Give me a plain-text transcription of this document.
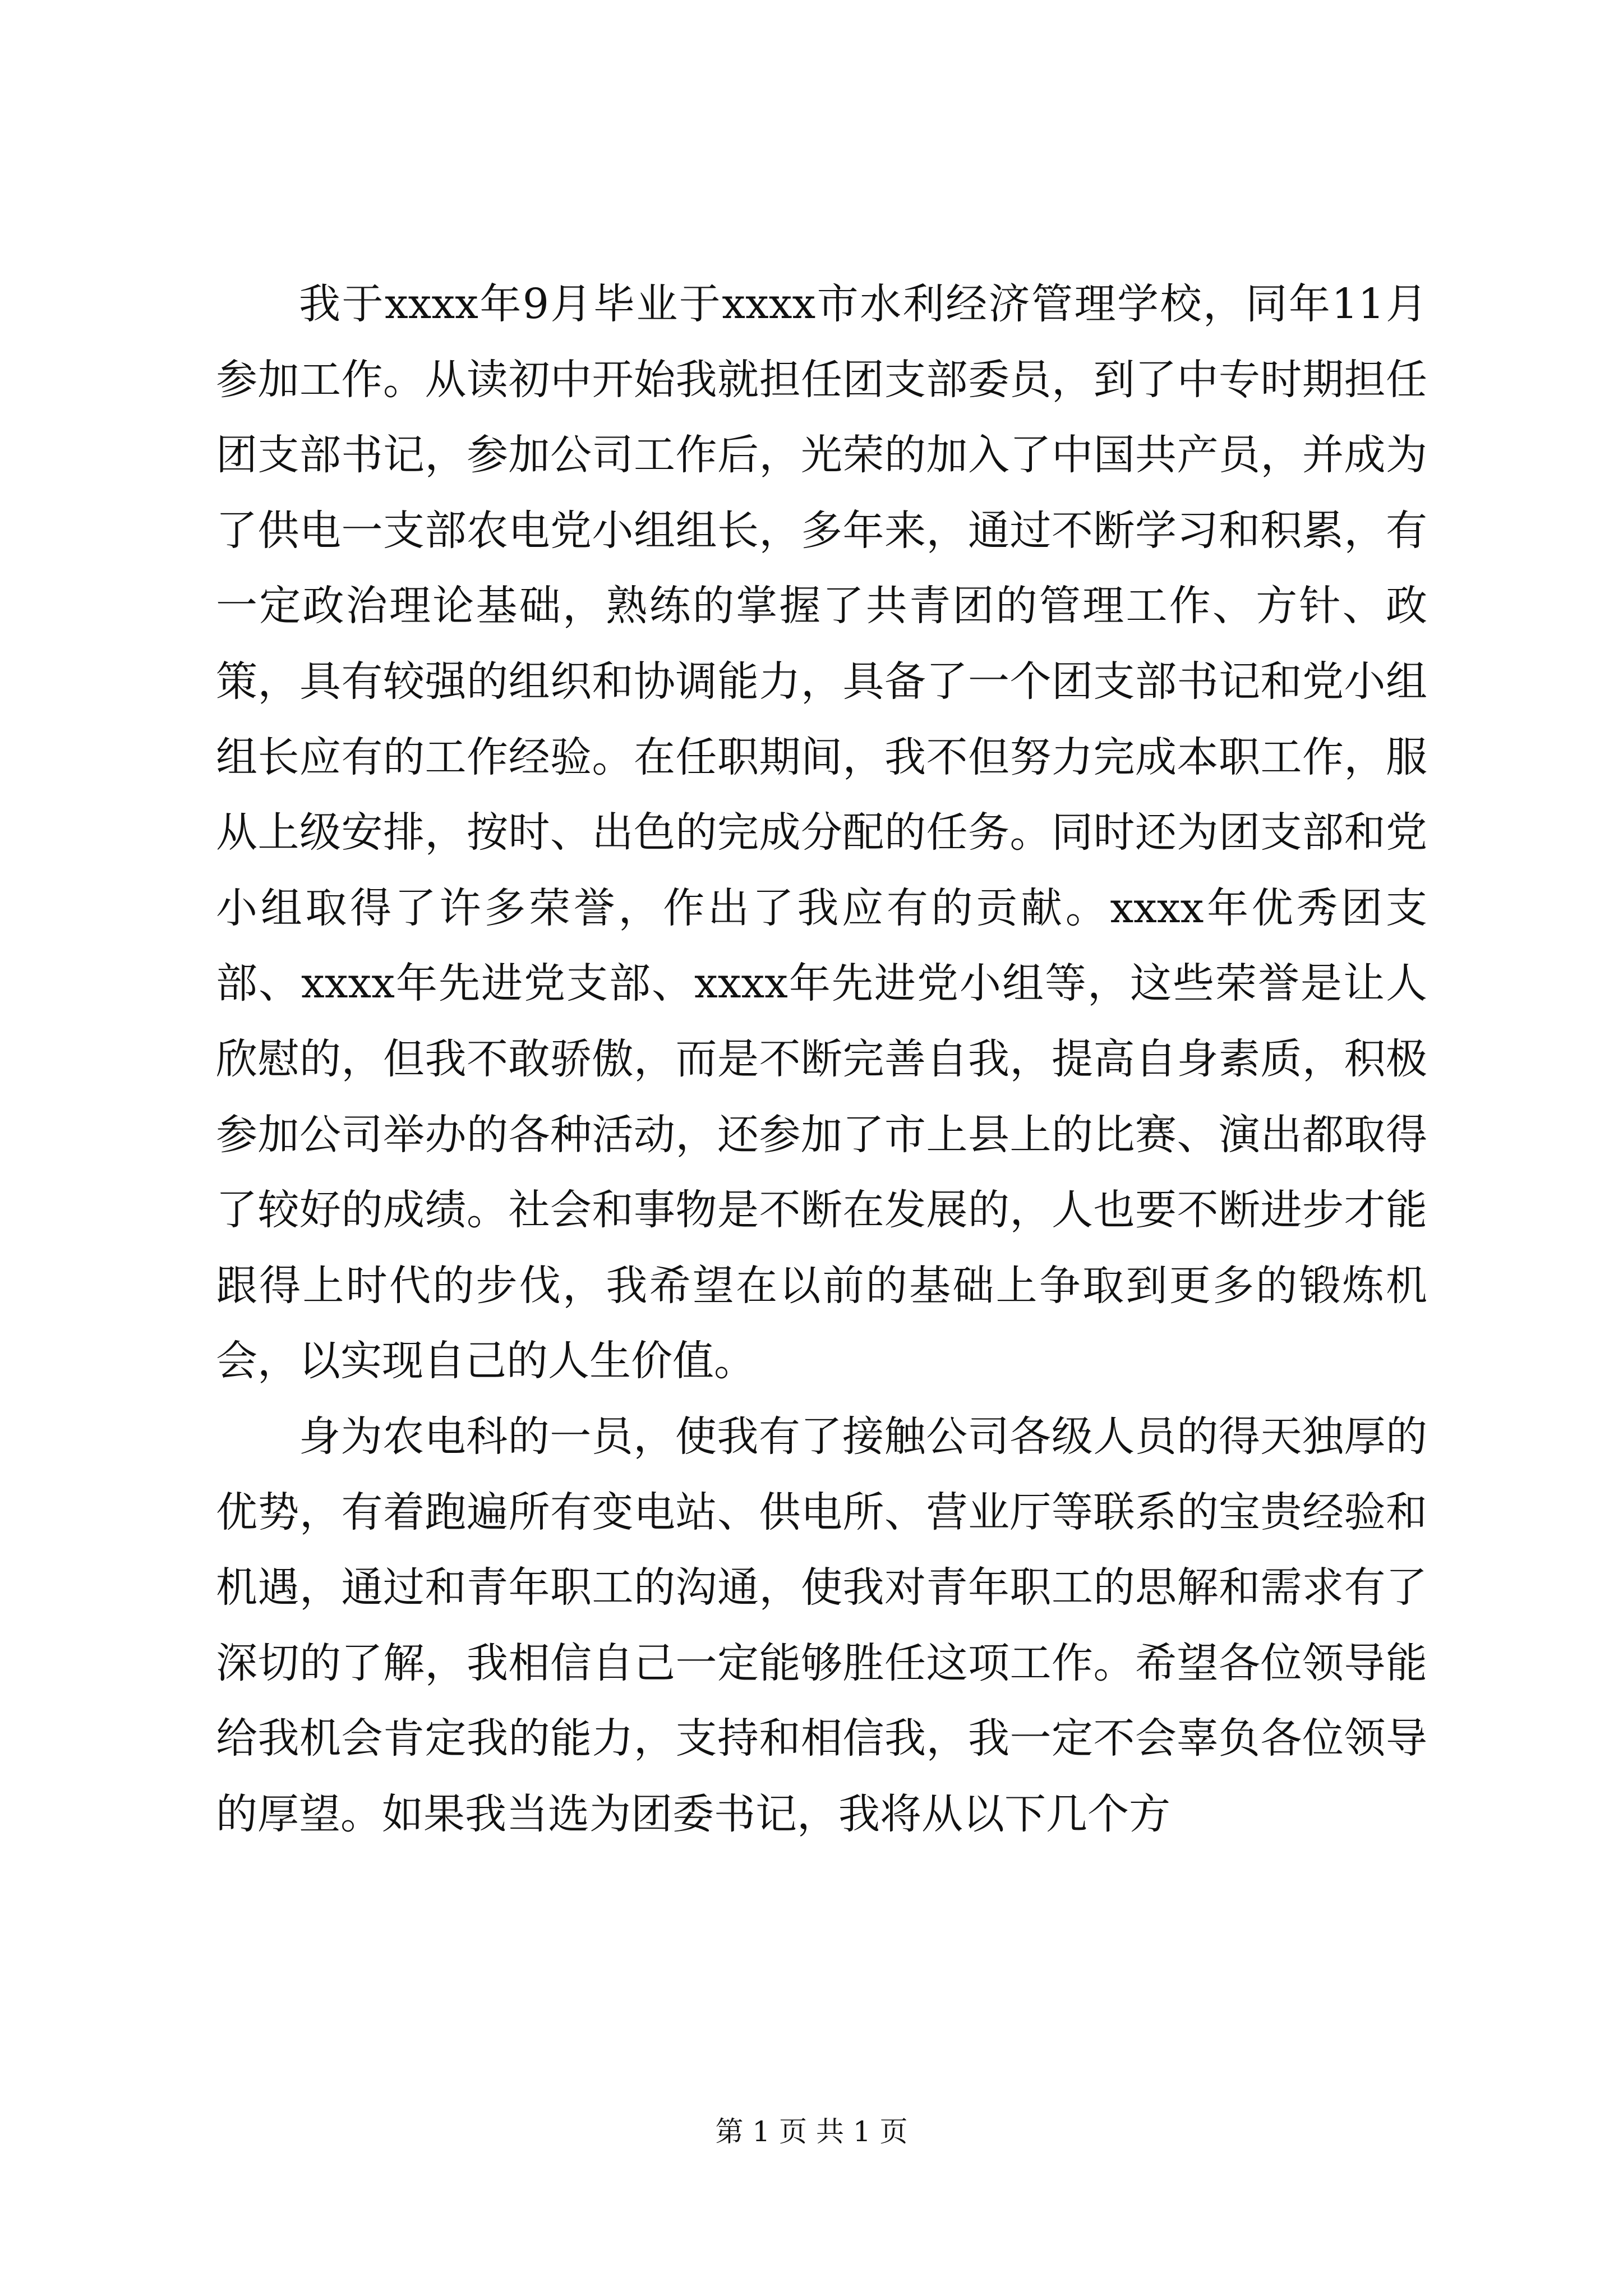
我于xxxx年9月毕业于xxxx市水利经济管理学校，同年11月参加工作。从读初中开始我就担任团支部委员，到了中专时期担任团支部书记，参加公司工作后，光荣的加入了中国共产员，并成为了供电一支部农电党小组组长，多年来，通过不断学习和积累，有一定政治理论基础，熟练的掌握了共青团的管理工作、方针、政策，具有较强的组织和协调能力，具备了一个团支部书记和党小组组长应有的工作经验。在任职期间，我不但努力完成本职工作，服从上级安排，按时、出色的完成分配的任务。同时还为团支部和党小组取得了许多荣誉，作出了我应有的贡献。xxxx年优秀团支部、xxxx年先进党支部、xxxx年先进党小组等，这些荣誉是让人欣慰的，但我不敢骄傲，而是不断完善自我，提高自身素质，积极参加公司举办的各种活动，还参加了市上县上的比赛、演出都取得了较好的成绩。社会和事物是不断在发展的，人也要不断进步才能跟得上时代的步伐，我希望在以前的基础上争取到更多的锻炼机会，以实现自己的人生价值。

身为农电科的一员，使我有了接触公司各级人员的得天独厚的优势，有着跑遍所有变电站、供电所、营业厅等联系的宝贵经验和机遇，通过和青年职工的沟通，使我对青年职工的思解和需求有了深切的了解，我相信自己一定能够胜任这项工作。希望各位领导能给我机会肯定我的能力，支持和相信我，我一定不会辜负各位领导的厚望。如果我当选为团委书记，我将从以下几个方

第 1 页 共 1 页
